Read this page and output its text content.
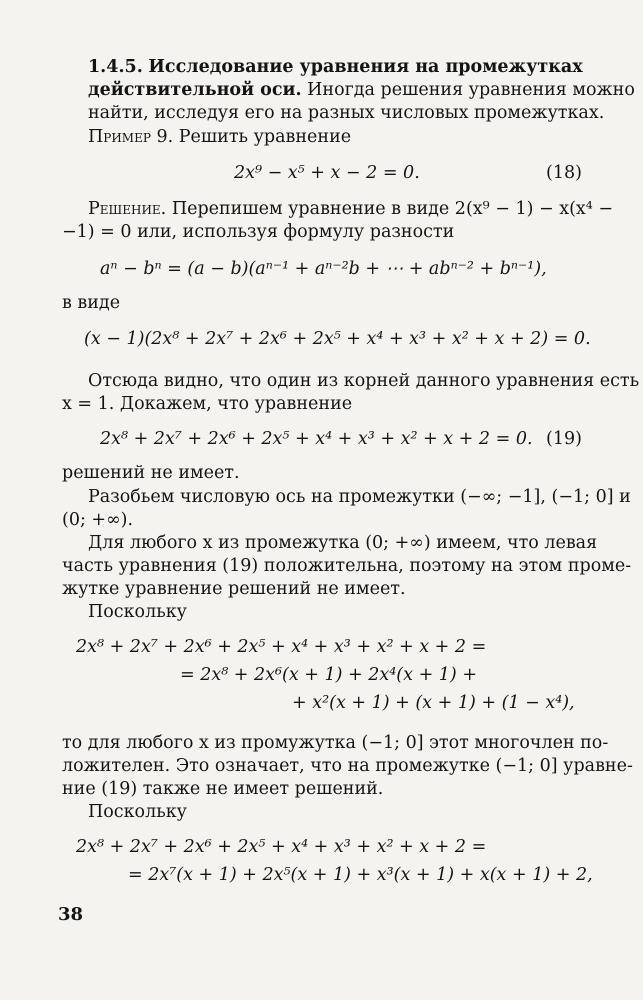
1.4.5. Исследование уравнения на промежутках
действительной оси. Иногда решения уравнения можно
найти, исследуя его на разных числовых промежутках.
Пример 9. Решить уравнение
2x⁹ − x⁵ + x − 2 = 0.	(18)
Решение. Перепишем уравнение в виде 2(x⁹ − 1) − x(x⁴ −
−1) = 0 или, используя формулу разности
aⁿ − bⁿ = (a − b)(aⁿ⁻¹ + aⁿ⁻²b + ⋯ + abⁿ⁻² + bⁿ⁻¹),
в виде
(x − 1)(2x⁸ + 2x⁷ + 2x⁶ + 2x⁵ + x⁴ + x³ + x² + x + 2) = 0.
Отсюда видно, что один из корней данного уравнения есть
x = 1. Докажем, что уравнение
2x⁸ + 2x⁷ + 2x⁶ + 2x⁵ + x⁴ + x³ + x² + x + 2 = 0. (19)
решений не имеет.
Разобьем числовую ось на промежутки (−∞; −1], (−1; 0] и
(0; +∞).
Для любого x из промежутка (0; +∞) имеем, что левая
часть уравнения (19) положительна, поэтому на этом проме-
жутке уравнение решений не имеет.
Поскольку
2x⁸ + 2x⁷ + 2x⁶ + 2x⁵ + x⁴ + x³ + x² + x + 2 =
= 2x⁸ + 2x⁶(x + 1) + 2x⁴(x + 1) +
+ x²(x + 1) + (x + 1) + (1 − x⁴),
то для любого x из промужутка (−1; 0] этот многочлен по-
ложителен. Это означает, что на промежутке (−1; 0] уравне-
ние (19) также не имеет решений.
Поскольку
2x⁸ + 2x⁷ + 2x⁶ + 2x⁵ + x⁴ + x³ + x² + x + 2 =
= 2x⁷(x + 1) + 2x⁵(x + 1) + x³(x + 1) + x(x + 1) + 2,
38
